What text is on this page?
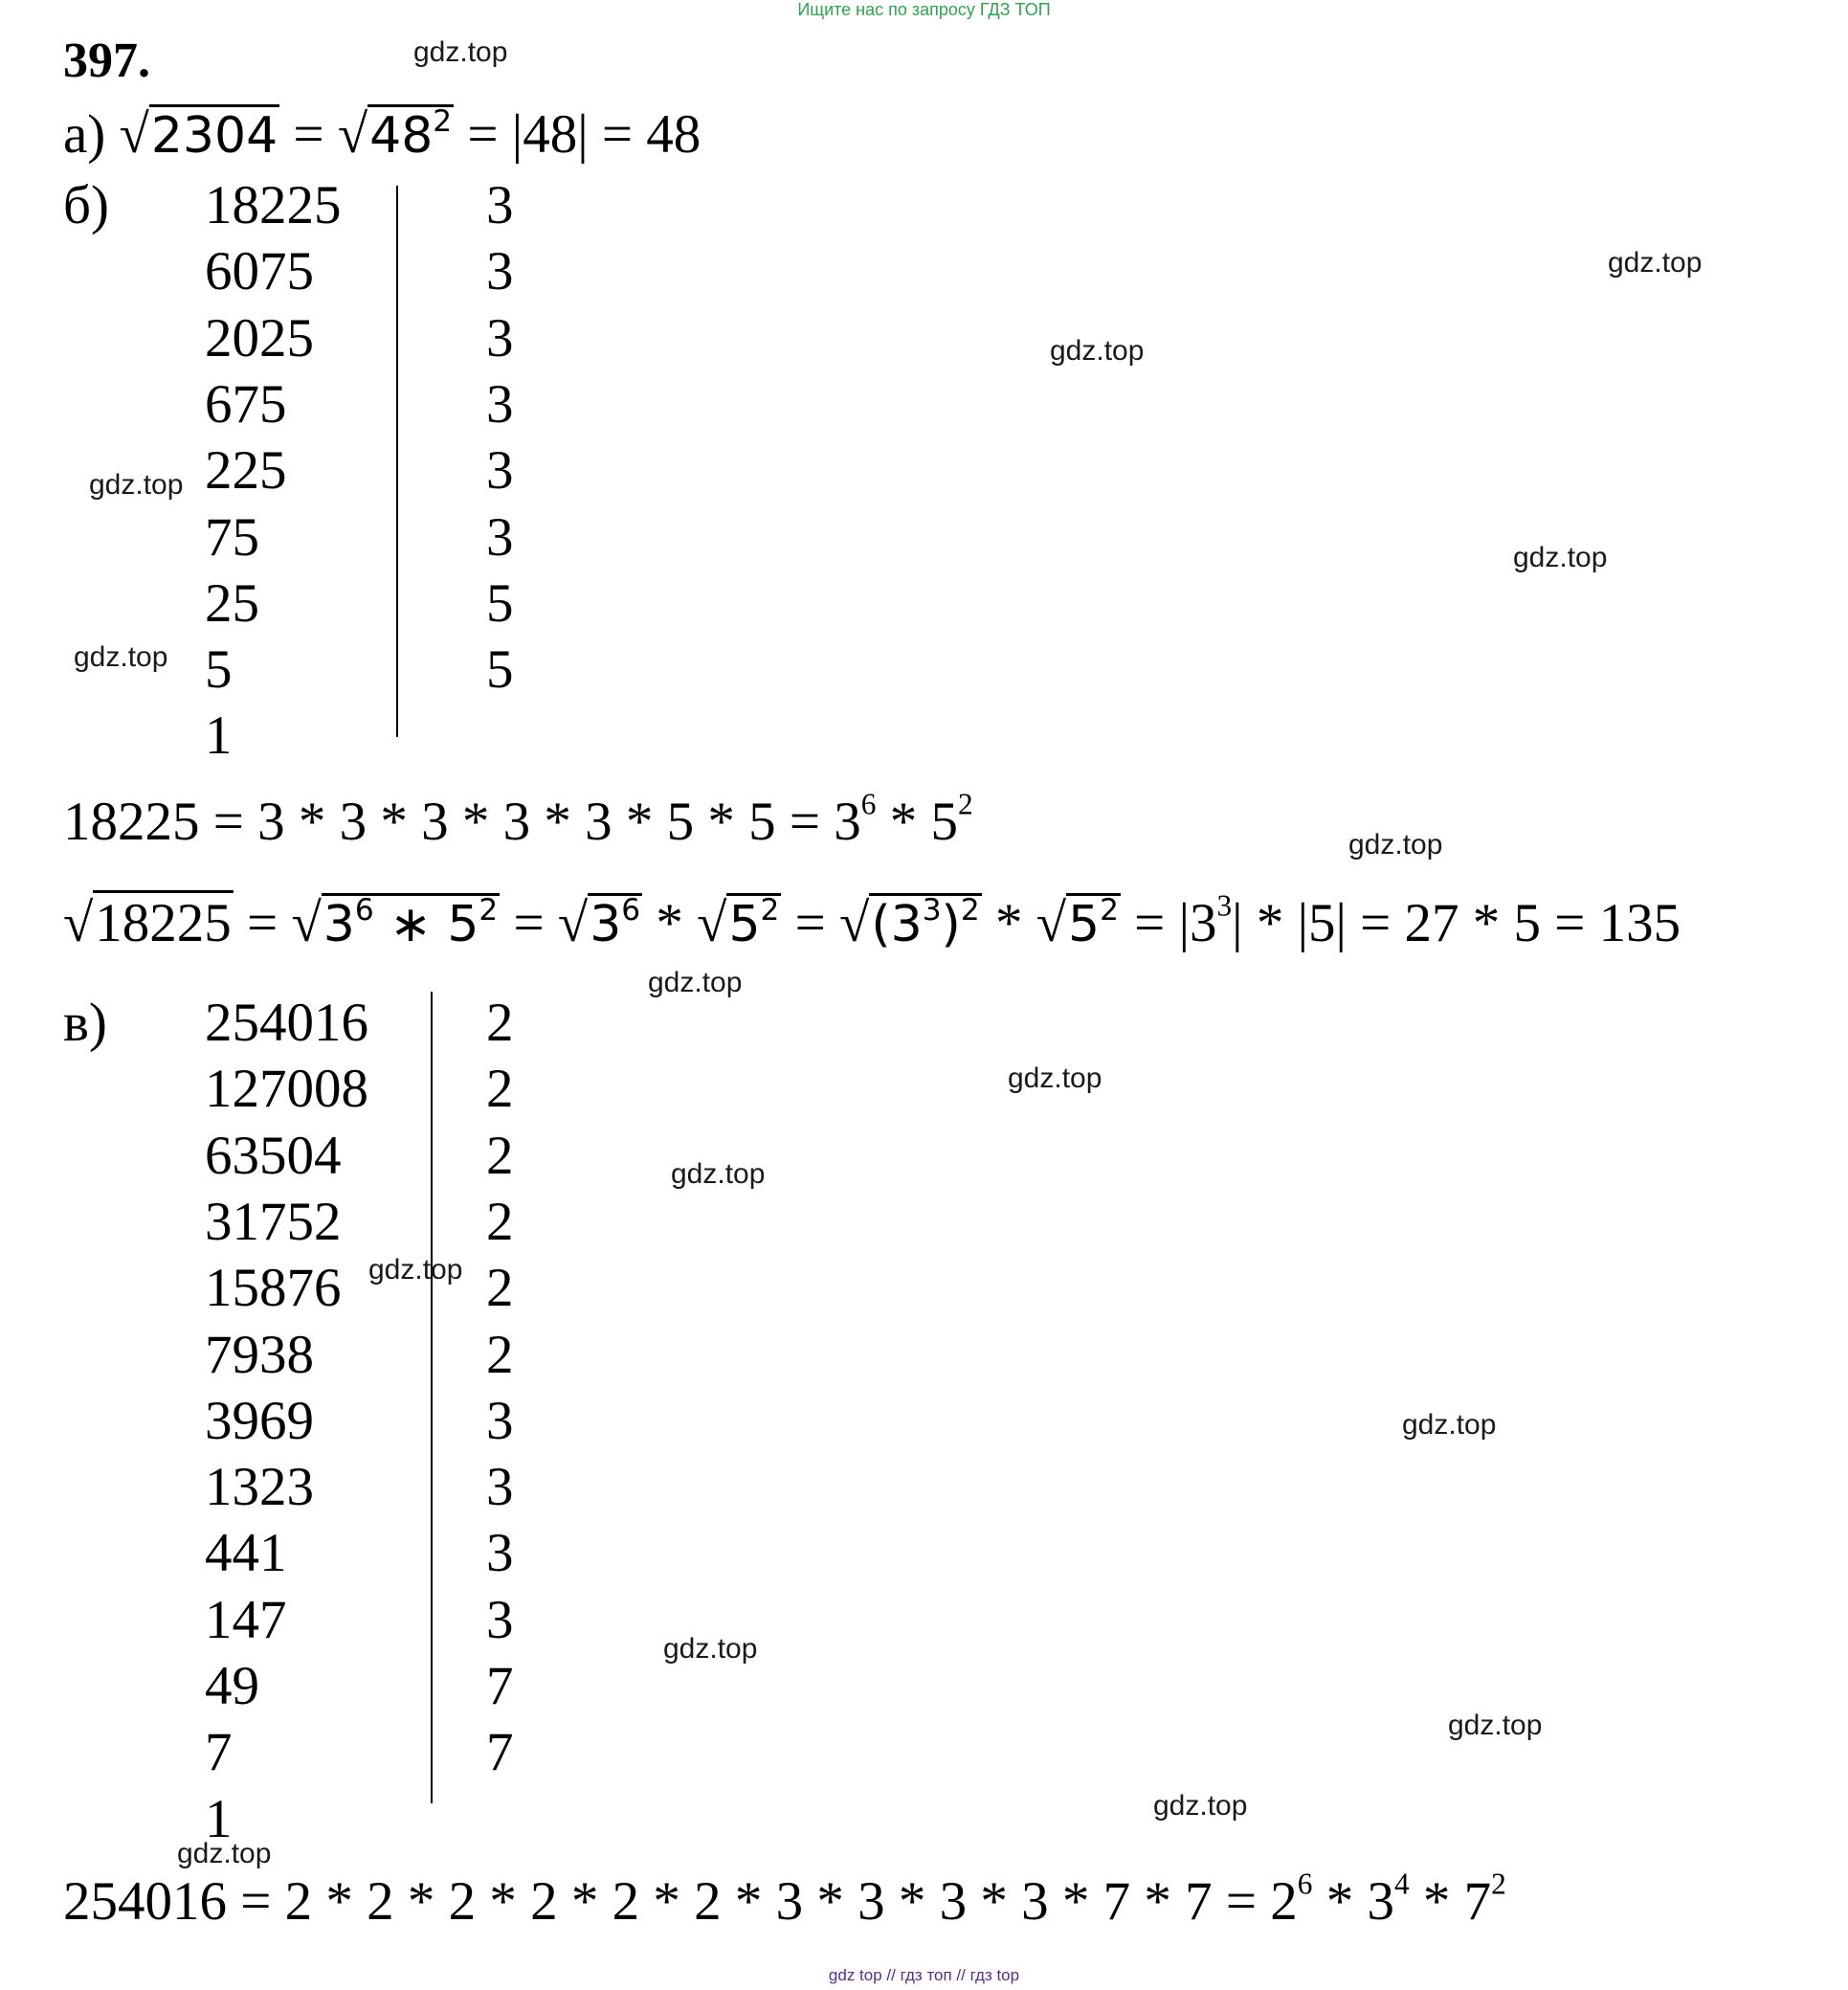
Ищите нас по запросу ГДЗ ТОП
397.
а) $√2304 = √48^2 = |48| = 48$
б) 18225
6075
2025
675
225
75
25
5
1
3
3
3
3
3
3
5
5
$18225 = 3 * 3 * 3 * 3 * 3 * 5 * 5 = 3^6 * 5^2$
$√18225 = √3^6$ ∗ $5^2 = √3^6 * √5^2 = √(3^3)^2 * √5^2 = |3^3| * |5| = 27 * 5 = 135$
в) 254016
127008
63504
31752
15876
7938
3969
1323
441
147
49
7
1
2
2
2
2
2
2
3
3
3
3
7
7
$254016 = 2 * 2 * 2 * 2 * 2 * 2 * 3 * 3 * 3 * 3 * 7 * 7 = 2^6 * 3^4 * 7^2$
gdz.top
gdz.top
gdz.top
gdz.top
gdz.top
gdz.top
gdz.top
gdz.top
gdz.top
gdz.top
gdz.top
gdz.top
gdz.top
gdz.top
gdz.top
gdz.top
gdz top // гдз топ // гдз top
